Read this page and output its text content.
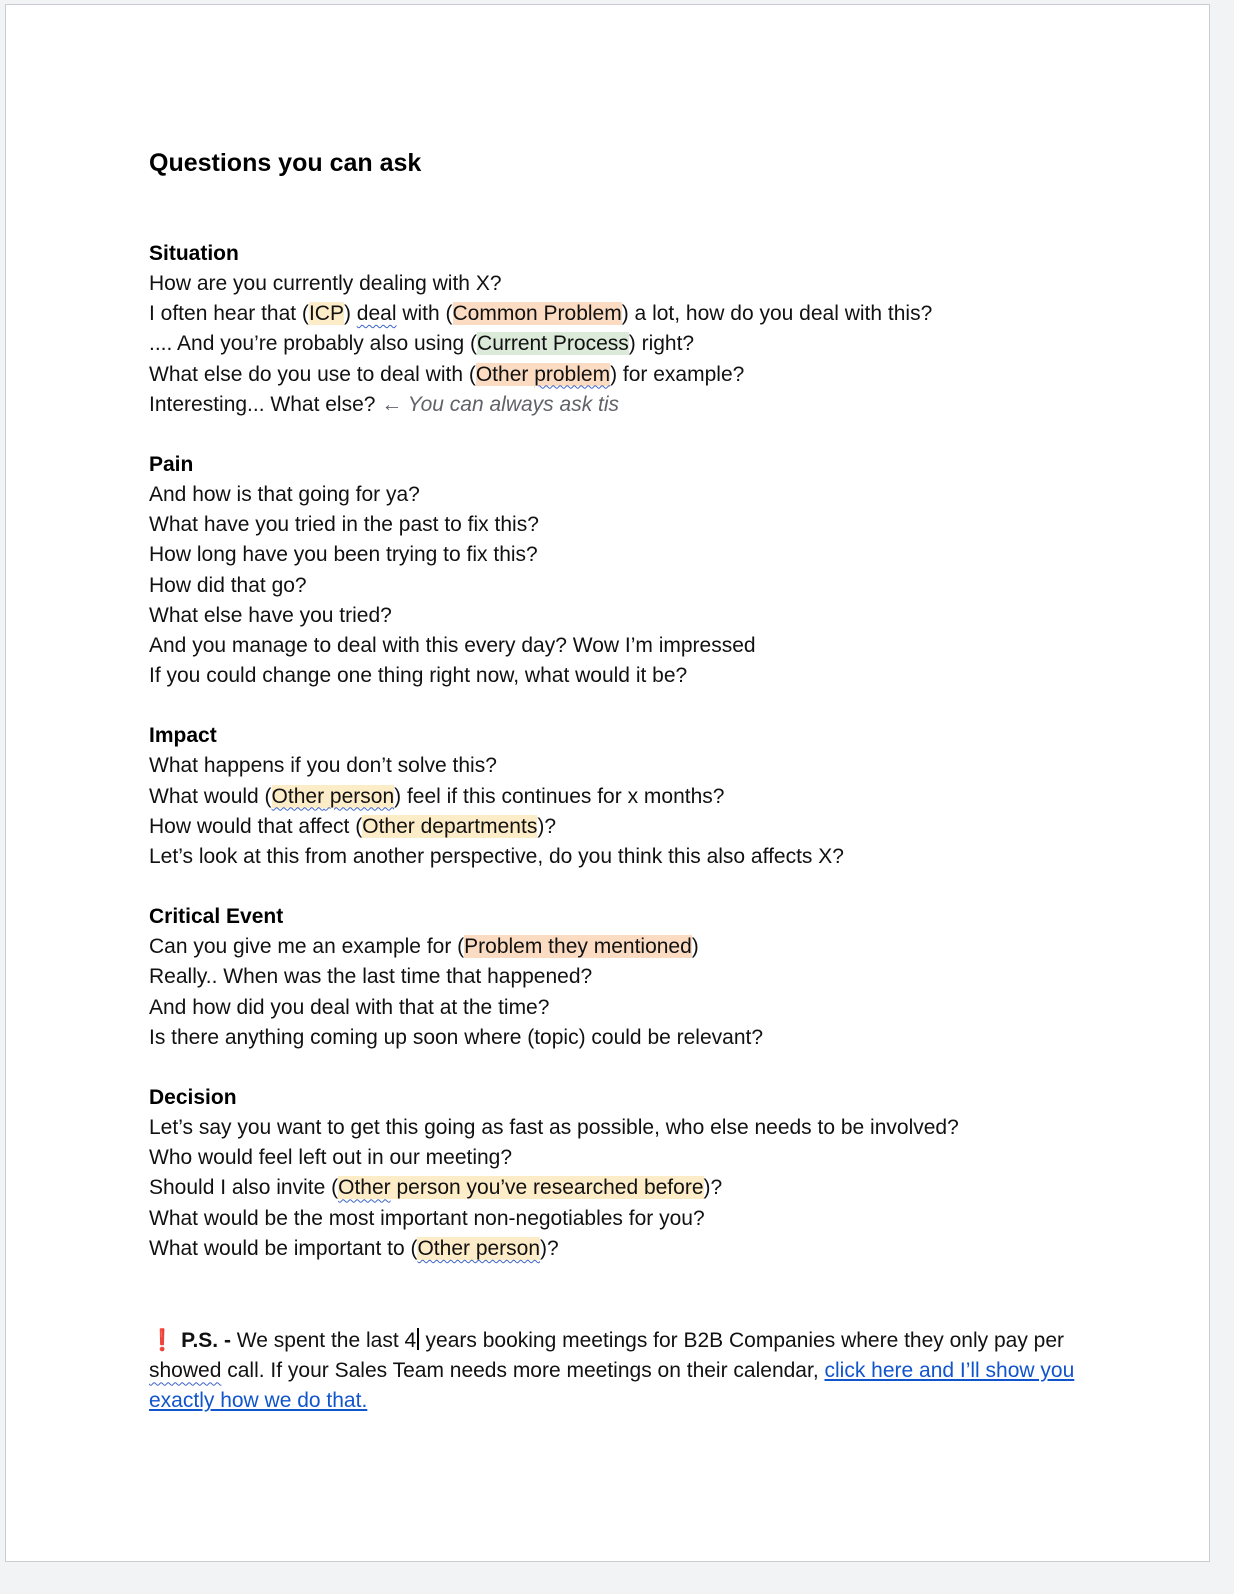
Questions you can ask

Situation

How are you currently dealing with X?

I often hear that (ICP) deal with (Common Problem) a lot, how do you deal with this?

.... And you’re probably also using (Current Process) right?

What else do you use to deal with (Other problem) for example?

Interesting... What else? ← You can always ask tis

Pain

And how is that going for ya?

What have you tried in the past to fix this?

How long have you been trying to fix this?

How did that go?

What else have you tried?

And you manage to deal with this every day? Wow I’m impressed

If you could change one thing right now, what would it be?

Impact

What happens if you don’t solve this?

What would (Other person) feel if this continues for x months?

How would that affect (Other departments)?

Let’s look at this from another perspective, do you think this also affects X?

Critical Event

Can you give me an example for (Problem they mentioned)

Really.. When was the last time that happened?

And how did you deal with that at the time?

Is there anything coming up soon where (topic) could be relevant?

Decision

Let’s say you want to get this going as fast as possible, who else needs to be involved?

Who would feel left out in our meeting?

Should I also invite (Other person you’ve researched before)?

What would be the most important non-negotiables for you?

What would be important to (Other person)?

❗ P.S. - We spent the last 4 years booking meetings for B2B Companies where they only pay per showed call. If your Sales Team needs more meetings on their calendar, click here and I’ll show you exactly how we do that.
